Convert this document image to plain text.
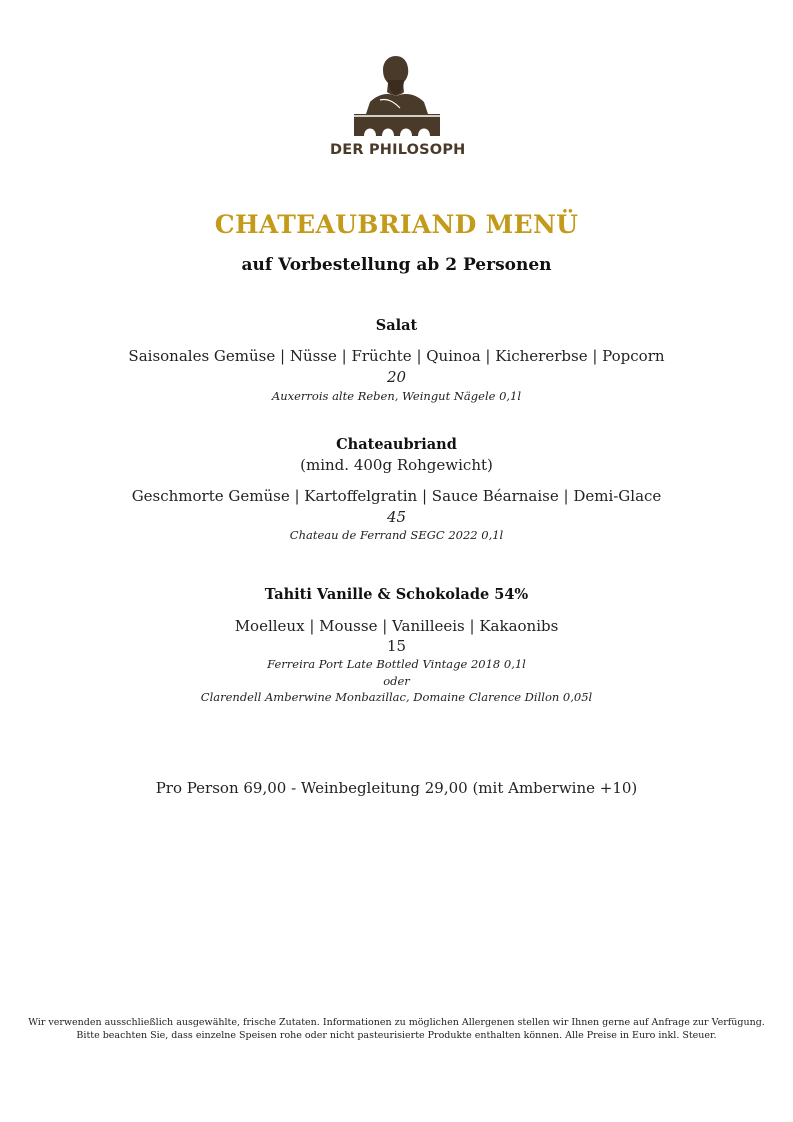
DER PHILOSOPH
CHATEAUBRIAND MENÜ
auf Vorbestellung ab 2 Personen
Salat
Saisonales Gemüse | Nüsse | Früchte | Quinoa | Kichererbse | Popcorn
20
Auxerrois alte Reben, Weingut Nägele 0,1l
Chateaubriand
(mind. 400g Rohgewicht)
Geschmorte Gemüse | Kartoffelgratin | Sauce Béarnaise | Demi-Glace
45
Chateau de Ferrand SEGC 2022 0,1l
Tahiti Vanille & Schokolade 54%
Moelleux | Mousse | Vanilleeis | Kakaonibs
15
Ferreira Port Late Bottled Vintage 2018 0,1l
oder
Clarendell Amberwine Monbazillac, Domaine Clarence Dillon 0,05l
Pro Person 69,00 - Weinbegleitung 29,00 (mit Amberwine +10)
Wir verwenden ausschließlich ausgewählte, frische Zutaten. Informationen zu möglichen Allergenen stellen wir Ihnen gerne auf Anfrage zur Verfügung.
Bitte beachten Sie, dass einzelne Speisen rohe oder nicht pasteurisierte Produkte enthalten können. Alle Preise in Euro inkl. Steuer.
